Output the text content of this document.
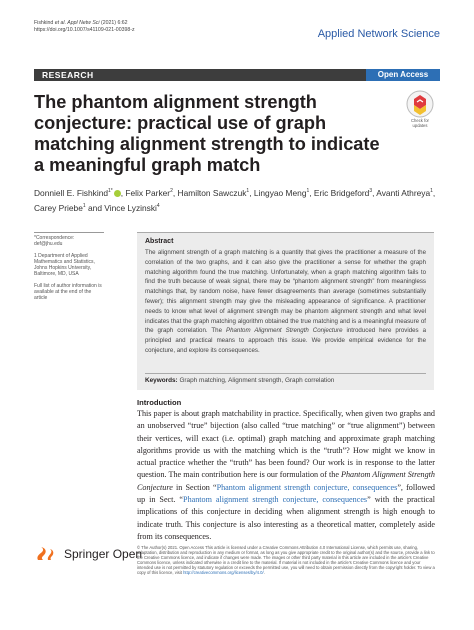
Fishkind et al. Appl Netw Sci (2021) 6:62
https://doi.org/10.1007/s41109-021-00398-z	Applied Network Science
RESEARCH	Open Access
Check for
updates
The phantom alignment strength conjecture: practical use of graph matching alignment strength to indicate a meaningful graph match
Donniell E. Fishkind$^{1*}$ , Felix Parker$^2$, Hamilton Sawczuk$^1$, Lingyao Meng$^1$, Eric Bridgeford$^3$, Avanti Athreya$^1$,
Carey Priebe$^1$ and Vince Lyzinski$^4$

*Correspondence: def@jhu.edu

1 Department of Applied Mathematics and Statistics, Johns Hopkins University, Baltimore, MD, USA

Full list of author information is available at the end of the article

Abstract
The alignment strength of a graph matching is a quantity that gives the practitioner a measure of the correlation of the two graphs, and it can also give the practitioner a sense for whether the graph matching algorithm found the true matching. Unfortunately, when a graph matching algorithm fails to find the truth because of weak signal, there may be “phantom alignment strength” from meaningless matchings that, by random noise, have fewer disagreements than average (sometimes substantially fewer); this alignment strength may give the misleading appearance of significance. A practitioner needs to know what level of alignment strength may be phantom alignment strength and what level indicates that the graph matching algorithm obtained the true matching and is a meaningful measure of the graph correlation. The Phantom Alignment Strength Conjecture introduced here provides a principled and practical means to approach this issue. We provide empirical evidence for the conjecture, and explore its consequences.
Keywords: Graph matching, Alignment strength, Graph correlation
Introduction
This paper is about graph matchability in practice. Specifically, when given two graphs and an unobserved “true” bijection (also called “true matching” or “true alignment”) between their vertices, will exact (i.e. optimal) graph matching and approximate graph matching algorithms provide us with the matching which is the “truth”? How might we know in actual practice whether the “truth” has been found? Our work is in response to the latter question. The main contribution here is our formulation of the Phantom Alignment Strength Conjecture in Section “Phantom alignment strength conjecture, consequences”, followed up in Sect. “Phantom alignment strength conjecture, consequences” with the practical implications of this conjecture in deciding when alignment strength is high enough to indicate truth. This conjecture is also interesting as a theoretical matter, completely aside from its consequences.
Springer Open
© The Author(s) 2021. Open Access This article is licensed under a Creative Commons Attribution 4.0 International License, which permits use, sharing, adaptation, distribution and reproduction in any medium or format, as long as you give appropriate credit to the original author(s) and the source, provide a link to the Creative Commons licence, and indicate if changes were made. The images or other third party material in this article are included in the article’s Creative Commons licence, unless indicated otherwise in a credit line to the material. If material is not included in the article’s Creative Commons licence and your intended use is not permitted by statutory regulation or exceeds the permitted use, you will need to obtain permission directly from the copyright holder. To view a copy of this licence, visit http://creativecommons.org/licenses/by/4.0/.
